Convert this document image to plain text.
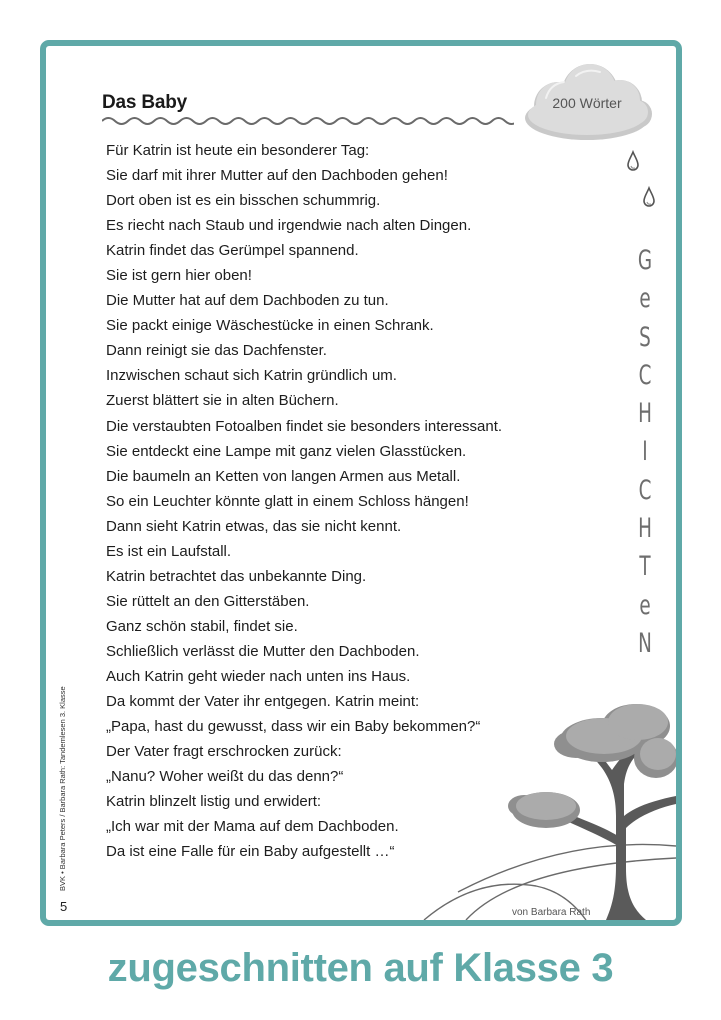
Das Baby	200 Wörter
G
e
S
C
H
I
C
H
T
e
N
Für Katrin ist heute ein besonderer Tag:
Sie darf mit ihrer Mutter auf den Dachboden gehen!
Dort oben ist es ein bisschen schummrig.
Es riecht nach Staub und irgendwie nach alten Dingen.
Katrin findet das Gerümpel spannend.
Sie ist gern hier oben!
Die Mutter hat auf dem Dachboden zu tun.
Sie packt einige Wäschestücke in einen Schrank.
Dann reinigt sie das Dachfenster.
Inzwischen schaut sich Katrin gründlich um.
Zuerst blättert sie in alten Büchern.
Die verstaubten Fotoalben findet sie besonders interessant.
Sie entdeckt eine Lampe mit ganz vielen Glasstücken.
Die baumeln an Ketten von langen Armen aus Metall.
So ein Leuchter könnte glatt in einem Schloss hängen!
Dann sieht Katrin etwas, das sie nicht kennt.
Es ist ein Laufstall.
Katrin betrachtet das unbekannte Ding.
Sie rüttelt an den Gitterstäben.
Ganz schön stabil, findet sie.
Schließlich verlässt die Mutter den Dachboden.
Auch Katrin geht wieder nach unten ins Haus.
Da kommt der Vater ihr entgegen. Katrin meint:
„Papa, hast du gewusst, dass wir ein Baby bekommen?“
Der Vater fragt erschrocken zurück:
„Nanu? Woher weißt du das denn?“
Katrin blinzelt listig und erwidert:
„Ich war mit der Mama auf dem Dachboden.
Da ist eine Falle für ein Baby aufgestellt …“
von Barbara Rath
BVK • Barbara Peters / Barbara Rath: Tandemlesen 3. Klasse
5
zugeschnitten auf Klasse 3
